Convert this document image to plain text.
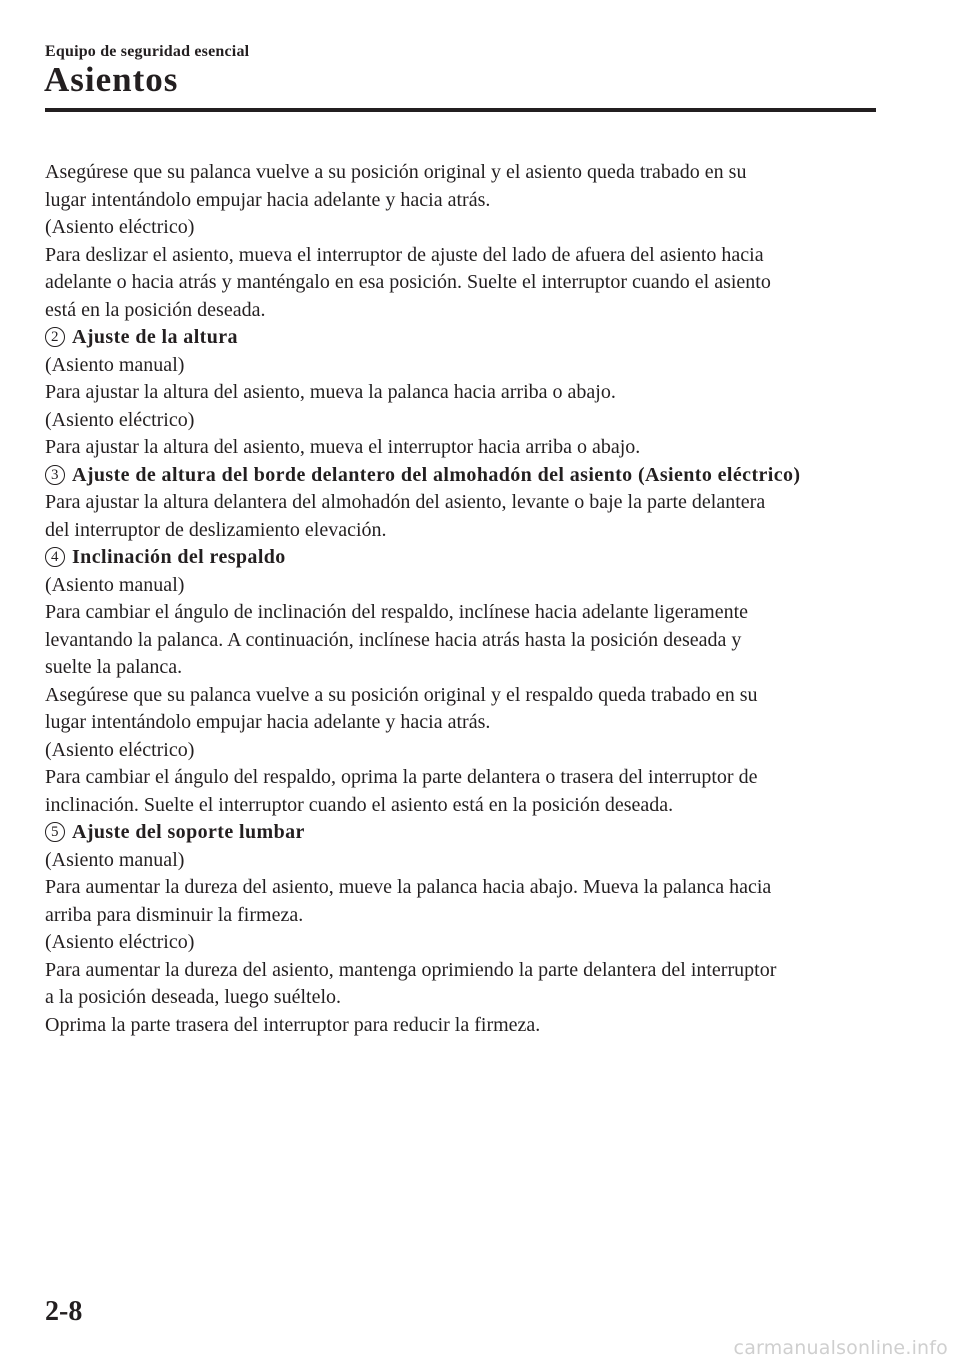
Equipo de seguridad esencial
Asientos
Asegúrese que su palanca vuelve a su posición original y el asiento queda trabado en su
lugar intentándolo empujar hacia adelante y hacia atrás.
(Asiento eléctrico)
Para deslizar el asiento, mueva el interruptor de ajuste del lado de afuera del asiento hacia
adelante o hacia atrás y manténgalo en esa posición. Suelte el interruptor cuando el asiento
está en la posición deseada.
2 Ajuste de la altura
(Asiento manual)
Para ajustar la altura del asiento, mueva la palanca hacia arriba o abajo.
(Asiento eléctrico)
Para ajustar la altura del asiento, mueva el interruptor hacia arriba o abajo.
3 Ajuste de altura del borde delantero del almohadón del asiento (Asiento eléctrico)
Para ajustar la altura delantera del almohadón del asiento, levante o baje la parte delantera
del interruptor de deslizamiento elevación.
4 Inclinación del respaldo
(Asiento manual)
Para cambiar el ángulo de inclinación del respaldo, inclínese hacia adelante ligeramente
levantando la palanca. A continuación, inclínese hacia atrás hasta la posición deseada y
suelte la palanca.
Asegúrese que su palanca vuelve a su posición original y el respaldo queda trabado en su
lugar intentándolo empujar hacia adelante y hacia atrás.
(Asiento eléctrico)
Para cambiar el ángulo del respaldo, oprima la parte delantera o trasera del interruptor de
inclinación. Suelte el interruptor cuando el asiento está en la posición deseada.
5 Ajuste del soporte lumbar
(Asiento manual)
Para aumentar la dureza del asiento, mueve la palanca hacia abajo. Mueva la palanca hacia
arriba para disminuir la firmeza.
(Asiento eléctrico)
Para aumentar la dureza del asiento, mantenga oprimiendo la parte delantera del interruptor
a la posición deseada, luego suéltelo.
Oprima la parte trasera del interruptor para reducir la firmeza.
2-8
carmanualsonline.info
